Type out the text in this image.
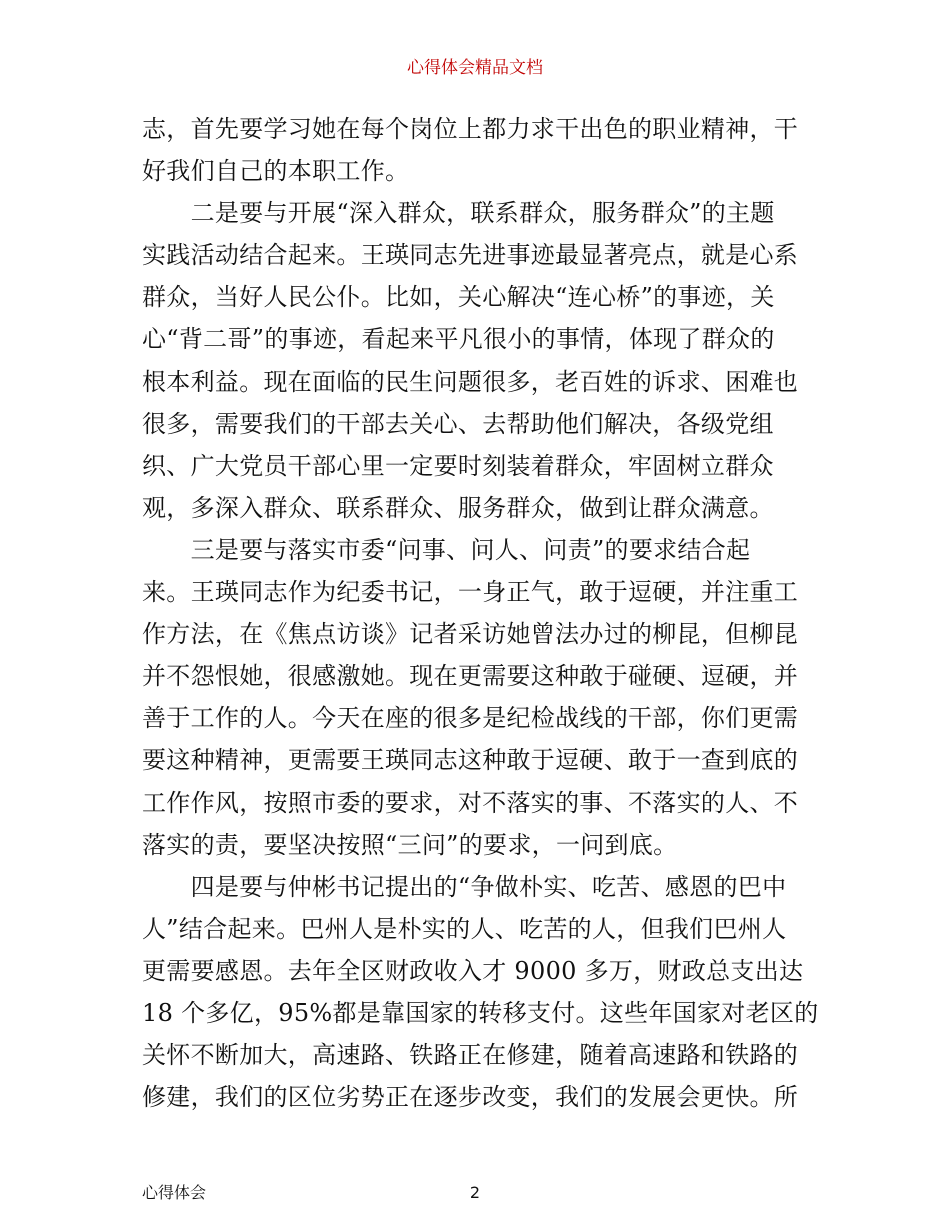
心得体会精品文档
志，首先要学习她在每个岗位上都力求干出色的职业精神，干
好我们自己的本职工作。
　　二是要与开展“深入群众，联系群众，服务群众”的主题
实践活动结合起来。王瑛同志先进事迹最显著亮点，就是心系
群众，当好人民公仆。比如，关心解决“连心桥”的事迹，关
心“背二哥”的事迹，看起来平凡很小的事情，体现了群众的
根本利益。现在面临的民生问题很多，老百姓的诉求、困难也
很多，需要我们的干部去关心、去帮助他们解决，各级党组
织、广大党员干部心里一定要时刻装着群众，牢固树立群众
观，多深入群众、联系群众、服务群众，做到让群众满意。
　　三是要与落实市委“问事、问人、问责”的要求结合起
来。王瑛同志作为纪委书记，一身正气，敢于逗硬，并注重工
作方法，在《焦点访谈》记者采访她曾法办过的柳昆，但柳昆
并不怨恨她，很感激她。现在更需要这种敢于碰硬、逗硬，并
善于工作的人。今天在座的很多是纪检战线的干部，你们更需
要这种精神，更需要王瑛同志这种敢于逗硬、敢于一查到底的
工作作风，按照市委的要求，对不落实的事、不落实的人、不
落实的责，要坚决按照“三问”的要求，一问到底。
　　四是要与仲彬书记提出的“争做朴实、吃苦、感恩的巴中
人”结合起来。巴州人是朴实的人、吃苦的人，但我们巴州人
更需要感恩。去年全区财政收入才 9000 多万，财政总支出达
18 个多亿，95%都是靠国家的转移支付。这些年国家对老区的
关怀不断加大，高速路、铁路正在修建，随着高速路和铁路的
修建，我们的区位劣势正在逐步改变，我们的发展会更快。所
心得体会	2
